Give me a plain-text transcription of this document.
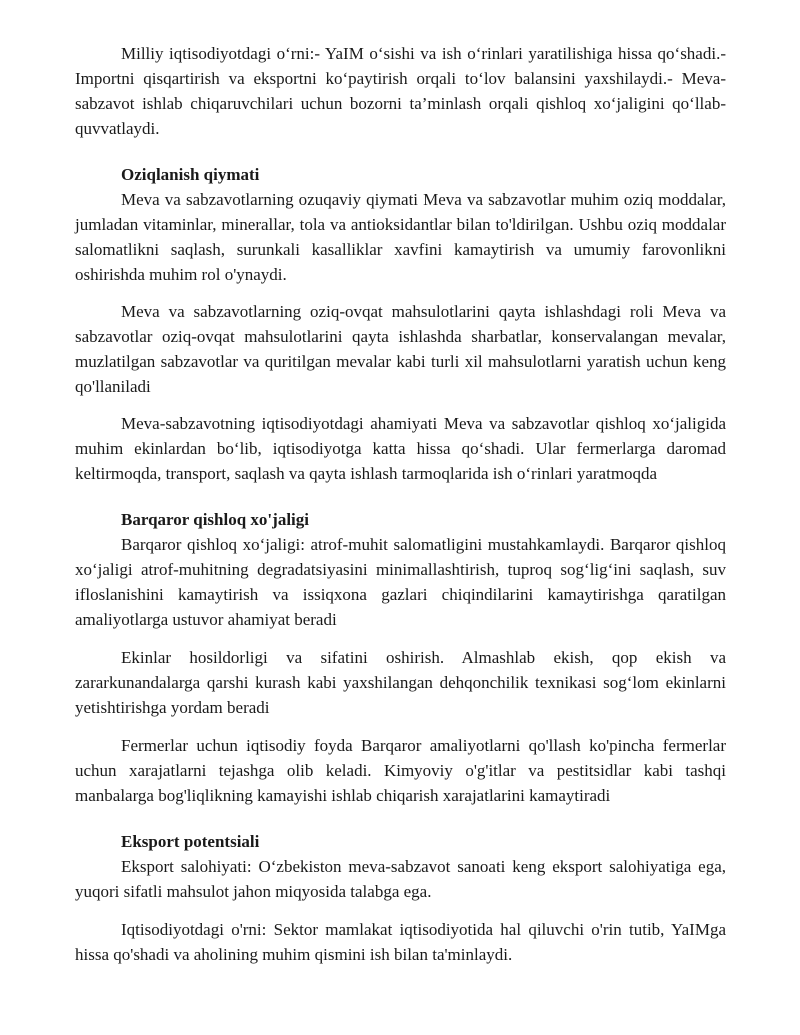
Milliy iqtisodiyotdagi o‘rni:- YaIM o‘sishi va ish o‘rinlari yaratilishiga hissa qo‘shadi.- Importni qisqartirish va eksportni ko‘paytirish orqali to‘lov balansini yaxshilaydi.- Meva-sabzavot ishlab chiqaruvchilari uchun bozorni ta’minlash orqali qishloq xo‘jaligini qo‘llab-quvvatlaydi.

Oziqlanish qiymati

Meva va sabzavotlarning ozuqaviy qiymati Meva va sabzavotlar muhim oziq moddalar, jumladan vitaminlar, minerallar, tola va antioksidantlar bilan to'ldirilgan. Ushbu oziq moddalar salomatlikni saqlash, surunkali kasalliklar xavfini kamaytirish va umumiy farovonlikni oshirishda muhim rol o'ynaydi.

Meva va sabzavotlarning oziq-ovqat mahsulotlarini qayta ishlashdagi roli Meva va sabzavotlar oziq-ovqat mahsulotlarini qayta ishlashda sharbatlar, konservalangan mevalar, muzlatilgan sabzavotlar va quritilgan mevalar kabi turli xil mahsulotlarni yaratish uchun keng qo'llaniladi

Meva-sabzavotning iqtisodiyotdagi ahamiyati Meva va sabzavotlar qishloq xo‘jaligida muhim ekinlardan bo‘lib, iqtisodiyotga katta hissa qo‘shadi. Ular fermerlarga daromad keltirmoqda, transport, saqlash va qayta ishlash tarmoqlarida ish o‘rinlari yaratmoqda

Barqaror qishloq xo'jaligi

Barqaror qishloq xo‘jaligi: atrof-muhit salomatligini mustahkamlaydi. Barqaror qishloq xo‘jaligi atrof-muhitning degradatsiyasini minimallashtirish, tuproq sog‘lig‘ini saqlash, suv ifloslanishini kamaytirish va issiqxona gazlari chiqindilarini kamaytirishga qaratilgan amaliyotlarga ustuvor ahamiyat beradi

Ekinlar hosildorligi va sifatini oshirish. Almashlab ekish, qop ekish va zararkunandalarga qarshi kurash kabi yaxshilangan dehqonchilik texnikasi sog‘lom ekinlarni yetishtirishga yordam beradi

Fermerlar uchun iqtisodiy foyda Barqaror amaliyotlarni qo'llash ko'pincha fermerlar uchun xarajatlarni tejashga olib keladi. Kimyoviy o'g'itlar va pestitsidlar kabi tashqi manbalarga bog'liqlikning kamayishi ishlab chiqarish xarajatlarini kamaytiradi

Eksport potentsiali

Eksport salohiyati: O‘zbekiston meva-sabzavot sanoati keng eksport salohiyatiga ega, yuqori sifatli mahsulot jahon miqyosida talabga ega.

Iqtisodiyotdagi o'rni: Sektor mamlakat iqtisodiyotida hal qiluvchi o'rin tutib, YaIMga hissa qo'shadi va aholining muhim qismini ish bilan ta'minlaydi.
